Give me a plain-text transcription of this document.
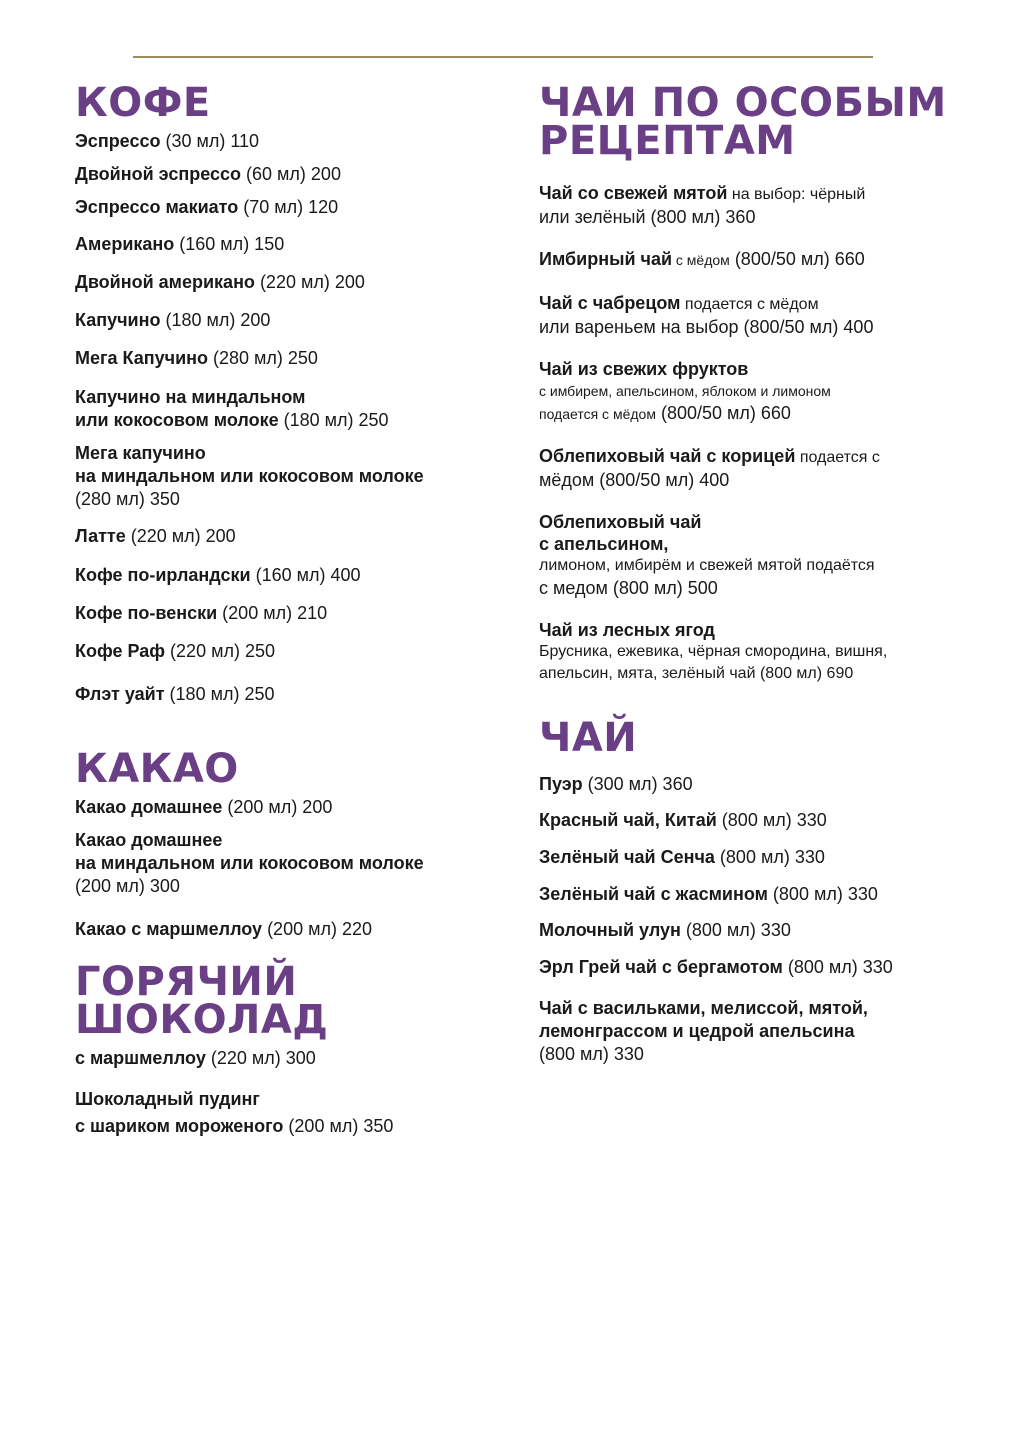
КОФЕ
Эспрессо (30 мл) 110
Двойной эспрессо (60 мл) 200
Эспрессо макиато (70 мл) 120
Американо (160 мл) 150
Двойной американо (220 мл) 200
Капучино (180 мл) 200
Мега Капучино (280 мл) 250
Капучино на миндальном
или кокосовом молоке (180 мл) 250
Мега капучино
на миндальном или кокосовом молоке
(280 мл) 350
Латте (220 мл) 200
Кофе по-ирландски (160 мл) 400
Кофе по-венски (200 мл) 210
Кофе Раф (220 мл) 250
Флэт уайт (180 мл) 250
КАКАО
Какао домашнее (200 мл) 200
Какао домашнее
на миндальном или кокосовом молоке
(200 мл) 300
Какао с маршмеллоу (200 мл) 220
ГОРЯЧИЙ
ШОКОЛАД
с маршмеллоу (220 мл) 300
Шоколадный пудинг
с шариком мороженого (200 мл) 350
ЧАИ ПО ОСОБЫМ
РЕЦЕПТАМ
Чай со свежей мятой на выбор: чёрный
или зелёный (800 мл) 360
Имбирный чай с мёдом (800/50 мл) 660
Чай с чабрецом подается с мёдом
или вареньем на выбор (800/50 мл) 400
Чай из свежих фруктов
с имбирем, апельсином, яблоком и лимоном
подается с мёдом (800/50 мл) 660
Облепиховый чай с корицей подается с
мёдом (800/50 мл) 400
Облепиховый чай
с апельсином,
лимоном, имбирём и свежей мятой подаётся
с медом (800 мл) 500
Чай из лесных ягод
Брусника, ежевика, чёрная смородина, вишня,
апельсин, мята, зелёный чай (800 мл) 690
ЧАЙ
Пуэр (300 мл) 360
Красный чай, Китай (800 мл) 330
Зелёный чай Сенча (800 мл) 330
Зелёный чай с жасмином (800 мл) 330
Молочный улун (800 мл) 330
Эрл Грей чай с бергамотом (800 мл) 330
Чай с васильками, мелиссой, мятой,
лемонграссом и цедрой апельсина
(800 мл) 330
